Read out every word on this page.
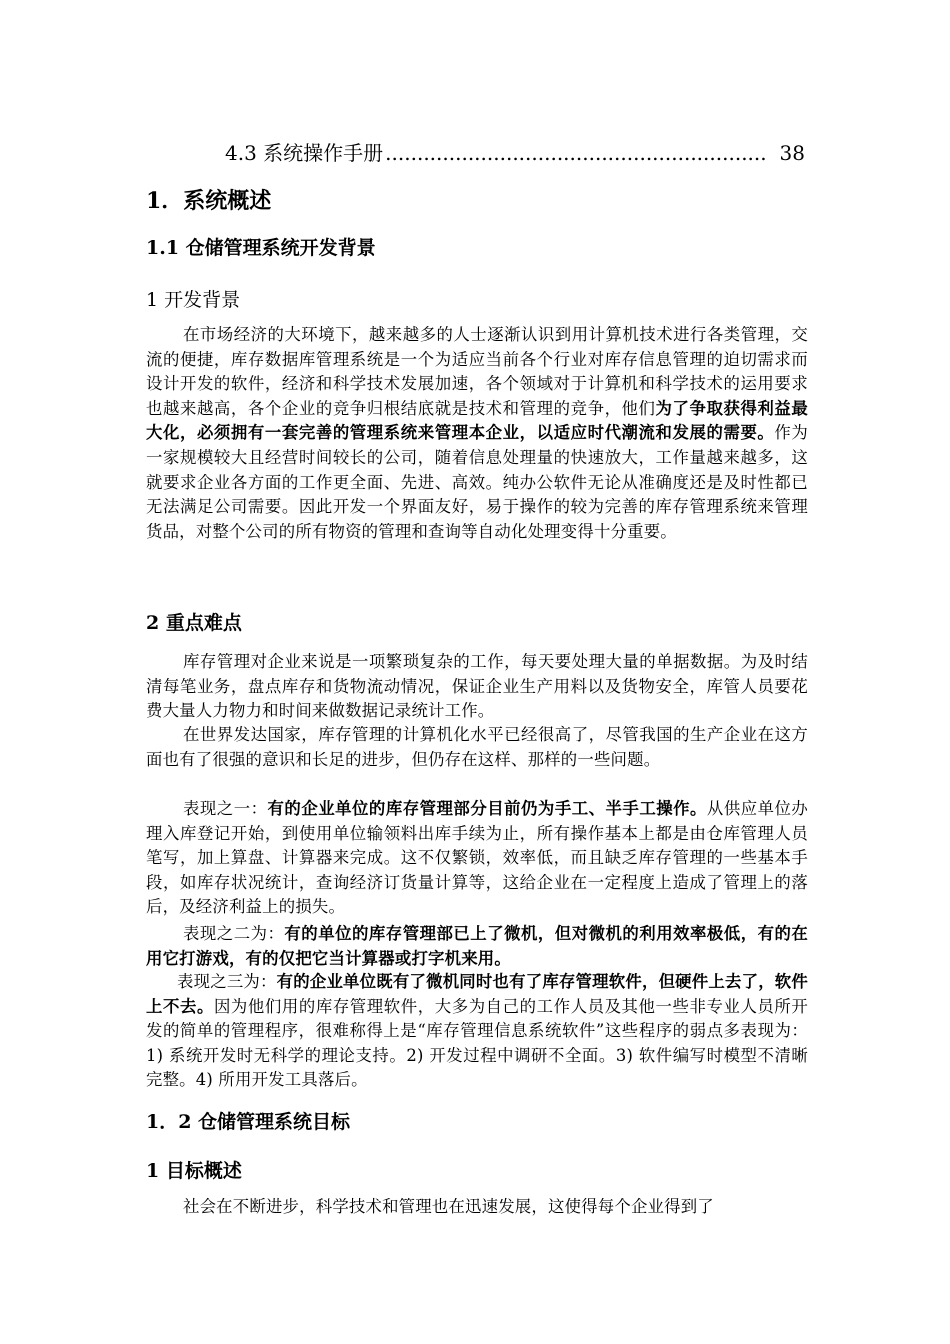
4.3 系统操作手册 ............................................................ 38
1．系统概述
1.1 仓储管理系统开发背景
1 开发背景
在市场经济的大环境下，越来越多的人士逐渐认识到用计算机技术进行各类管理，交流的便捷，库存数据库管理系统是一个为适应当前各个行业对库存信息管理的迫切需求而设计开发的软件，经济和科学技术发展加速，各个领域对于计算机和科学技术的运用要求也越来越高，各个企业的竞争归根结底就是技术和管理的竞争，他们为了争取获得利益最大化，必须拥有一套完善的管理系统来管理本企业，以适应时代潮流和发展的需要。作为一家规模较大且经营时间较长的公司，随着信息处理量的快速放大，工作量越来越多，这就要求企业各方面的工作更全面、先进、高效。纯办公软件无论从准确度还是及时性都已无法满足公司需要。因此开发一个界面友好，易于操作的较为完善的库存管理系统来管理货品，对整个公司的所有物资的管理和查询等自动化处理变得十分重要。
2 重点难点
库存管理对企业来说是一项繁琐复杂的工作，每天要处理大量的单据数据。为及时结清每笔业务，盘点库存和货物流动情况，保证企业生产用料以及货物安全，库管人员要花费大量人力物力和时间来做数据记录统计工作。
在世界发达国家，库存管理的计算机化水平已经很高了，尽管我国的生产企业在这方面也有了很强的意识和长足的进步，但仍存在这样、那样的一些问题。
表现之一：有的企业单位的库存管理部分目前仍为手工、半手工操作。从供应单位办理入库登记开始，到使用单位输领料出库手续为止，所有操作基本上都是由仓库管理人员笔写，加上算盘、计算器来完成。这不仅繁锁，效率低，而且缺乏库存管理的一些基本手段，如库存状况统计，查询经济订货量计算等，这给企业在一定程度上造成了管理上的落后，及经济利益上的损失。
表现之二为：有的单位的库存管理部已上了微机，但对微机的利用效率极低，有的在用它打游戏，有的仅把它当计算器或打字机来用。
表现之三为：有的企业单位既有了微机同时也有了库存管理软件，但硬件上去了，软件上不去。因为他们用的库存管理软件，大多为自己的工作人员及其他一些非专业人员所开发的简单的管理程序，很难称得上是“库存管理信息系统软件”这些程序的弱点多表现为：1) 系统开发时无科学的理论支持。2) 开发过程中调研不全面。3) 软件编写时模型不清晰完整。4) 所用开发工具落后。
1．2 仓储管理系统目标
1 目标概述
社会在不断进步，科学技术和管理也在迅速发展，这使得每个企业得到了
